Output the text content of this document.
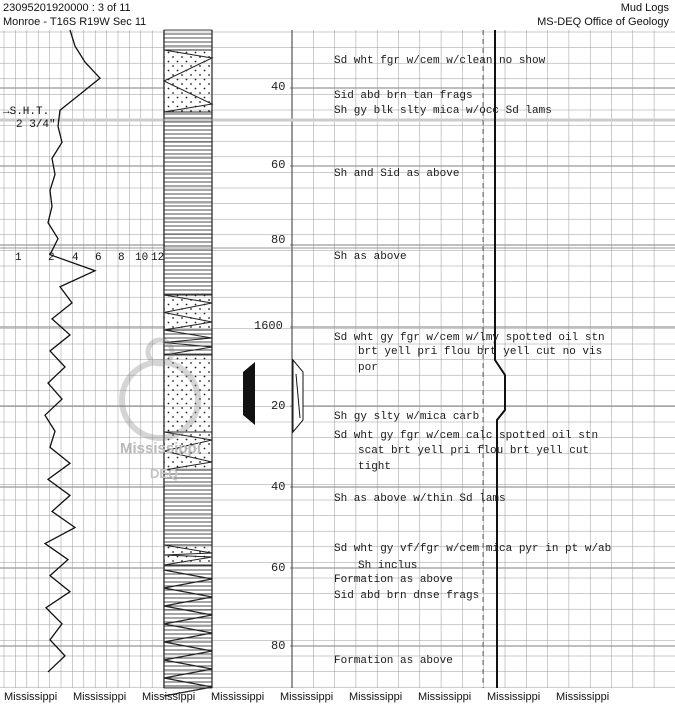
23095201920000 : 3 of 11
Monroe - T16S R19W Sec 11
Mud Logs
MS-DEQ Office of Geology
Mississippi
DEQ
1 2 4 6 8 10 12
→S.H.T.
2 3/4"
40
60
80
1600
20
40
60
80
Sd wht fgr w/cem w/clean no show
Sid abd brn tan frags
Sh gy blk slty mica w/occ Sd lams
Sh and Sid as above
Sh as above
Sd wht gy fgr w/cem w/lmy spotted oil stn
brt yell pri flou brt yell cut no vis
por
Sh gy slty w/mica carb
Sd wht gy fgr w/cem calc spotted oil stn
scat brt yell pri flou brt yell cut
tight
Sh as above w/thin Sd lams
Sd wht gy vf/fgr w/cem mica pyr in pt w/ab
Sh inclus
Formation as above
Sid abd brn dnse frags
Formation as above
Mississippi Mississippi Mississippi Mississippi Mississippi Mississippi Mississippi Mississippi Mississippi
